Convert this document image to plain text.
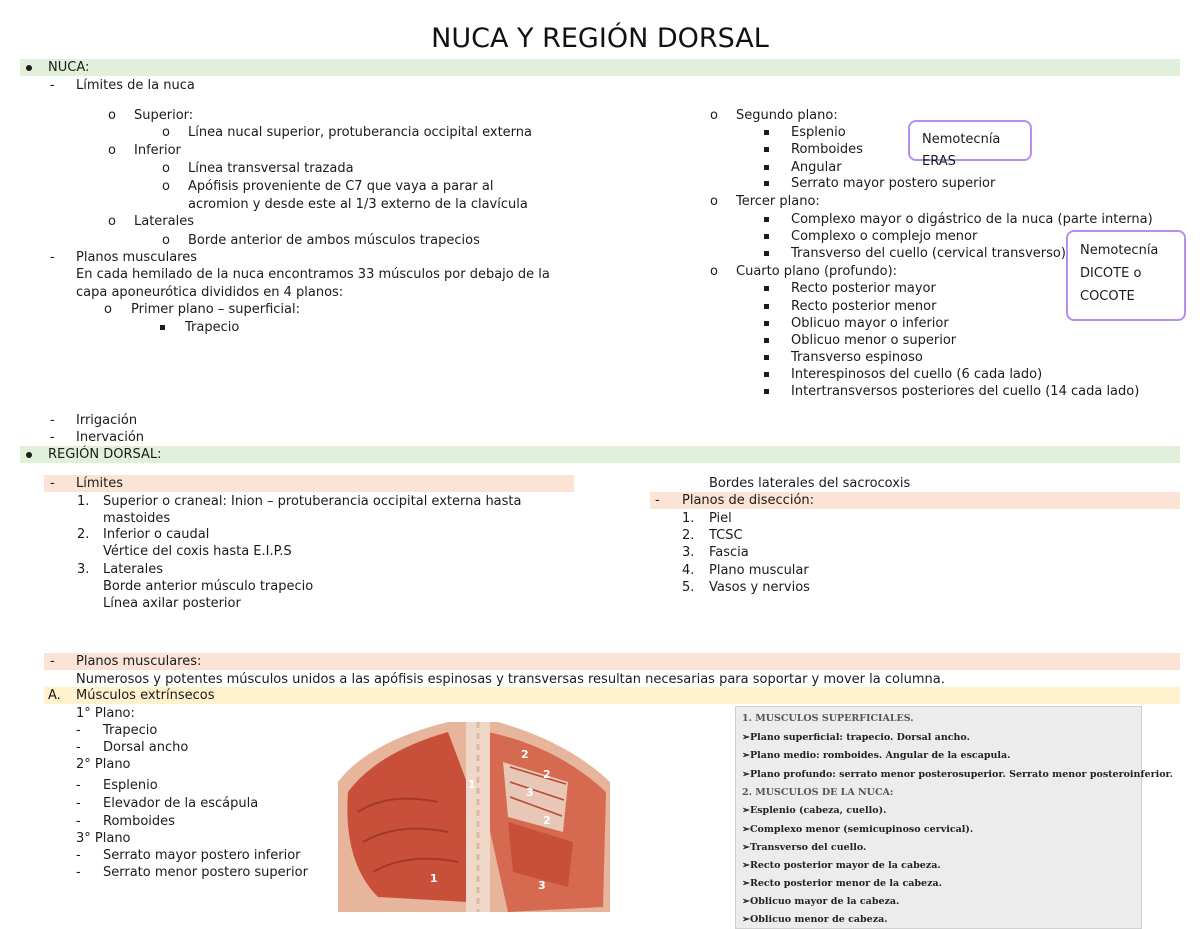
NUCA Y REGIÓN DORSAL
NUCA:
- Límites de la nuca
o Superior:
o Línea nucal superior, protuberancia occipital externa
o Inferior
o Línea transversal trazada
o Apófisis proveniente de C7 que vaya a parar al
acromion y desde este al 1/3 externo de la clavícula
o Laterales
o Borde anterior de ambos músculos trapecios
- Planos musculares
En cada hemilado de la nuca encontramos 33 músculos por debajo de la
capa aponeurótica divididos en 4 planos:
o Primer plano – superficial:
Trapecio
- Irrigación
- Inervación
o Segundo plano:
Esplenio
Romboides
Angular
Serrato mayor postero superior
o Tercer plano:
Complexo mayor o digástrico de la nuca (parte interna)
Complexo o complejo menor
Transverso del cuello (cervical transverso)
o Cuarto plano (profundo):
Recto posterior mayor
Recto posterior menor
Oblicuo mayor o inferior
Oblicuo menor o superior
Transverso espinoso
Interespinosos del cuello (6 cada lado)
Intertransversos posteriores del cuello (14 cada lado)
Nemotecnía ERAS
Nemotecnía
DICOTE o
COCOTE
REGIÓN DORSAL:
- Límites
1. Superior o craneal: Inion – protuberancia occipital externa hasta
mastoides
2. Inferior o caudal
Vértice del coxis hasta E.I.P.S
3. Laterales
Borde anterior músculo trapecio
Línea axilar posterior
Bordes laterales del sacrocoxis
- Planos de disección:
1. Piel
2. TCSC
3. Fascia
4. Plano muscular
5. Vasos y nervios
- Planos musculares:
Numerosos y potentes músculos unidos a las apófisis espinosas y transversas resultan necesarias para soportar y mover la columna.
A. Músculos extrínsecos
1° Plano:
- Trapecio
- Dorsal ancho
2° Plano
- Esplenio
- Elevador de la escápula
- Romboides
3° Plano
- Serrato mayor postero inferior
- Serrato menor postero superior
1
2
2
3
2
1
3
1. MUSCULOS SUPERFICIALES.
➢Plano superficial: trapecio. Dorsal ancho.
➢Plano medio: romboides. Angular de la escapula.
➢Plano profundo: serrato menor posterosuperior. Serrato menor posteroinferior.
2. MUSCULOS DE LA NUCA:
➢Esplenio (cabeza, cuello).
➢Complexo menor (semicupinoso cervical).
➢Transverso del cuello.
➢Recto posterior mayor de la cabeza.
➢Recto posterior menor de la cabeza.
➢Oblicuo mayor de la cabeza.
➢Oblicuo menor de cabeza.
